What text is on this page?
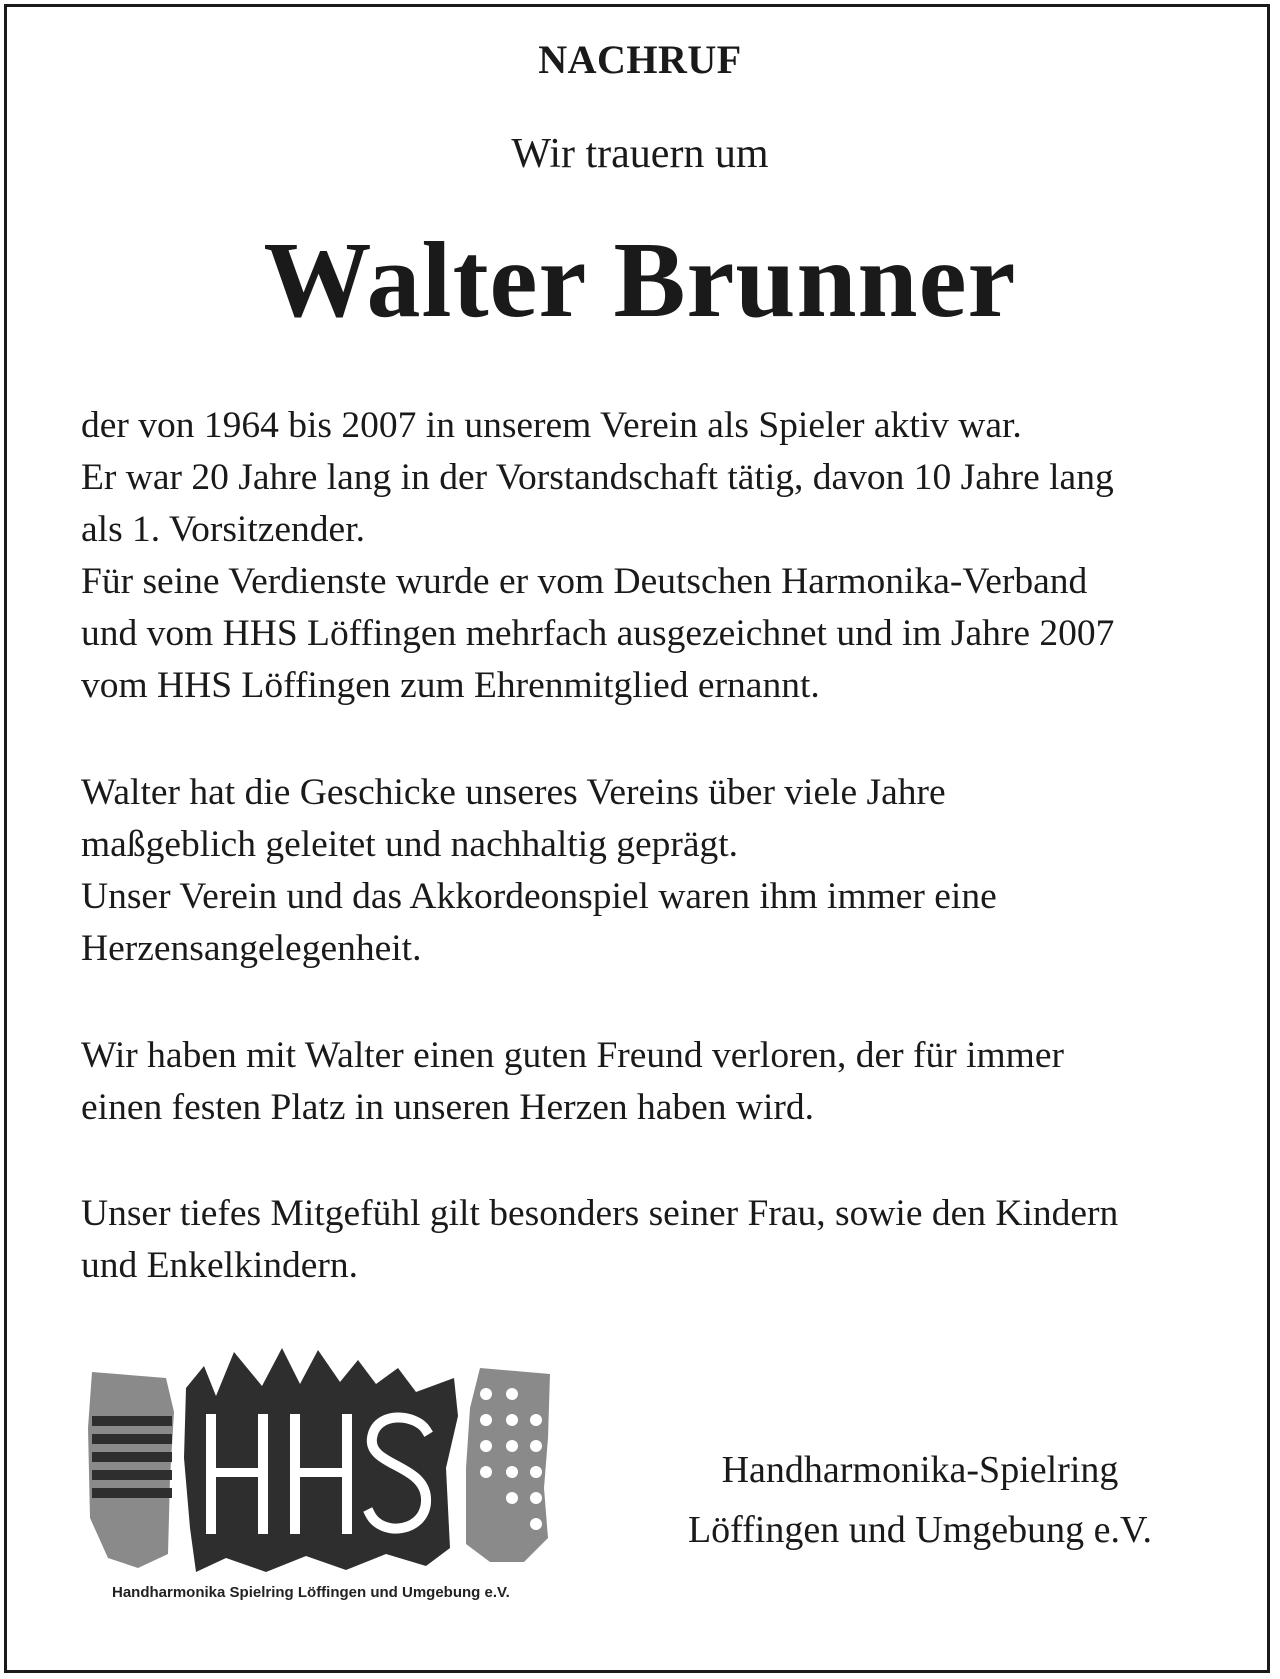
NACHRUF
Wir trauern um
Walter Brunner

der von 1964 bis 2007 in unserem Verein als Spieler aktiv war.
Er war 20 Jahre lang in der Vorstandschaft tätig, davon 10 Jahre lang
als 1. Vorsitzender.
Für seine Verdienste wurde er vom Deutschen Harmonika-Verband
und vom HHS Löffingen mehrfach ausgezeichnet und im Jahre 2007
vom HHS Löffingen zum Ehrenmitglied ernannt.

Walter hat die Geschicke unseres Vereins über viele Jahre
maßgeblich geleitet und nachhaltig geprägt.
Unser Verein und das Akkordeonspiel waren ihm immer eine
Herzensangelegenheit.

Wir haben mit Walter einen guten Freund verloren, der für immer
einen festen Platz in unseren Herzen haben wird.

Unser tiefes Mitgefühl gilt besonders seiner Frau, sowie den Kindern
und Enkelkindern.

Handharmonika Spielring Löffingen und Umgebung e.V.
Handharmonika-Spielring
Löffingen und Umgebung e.V.
